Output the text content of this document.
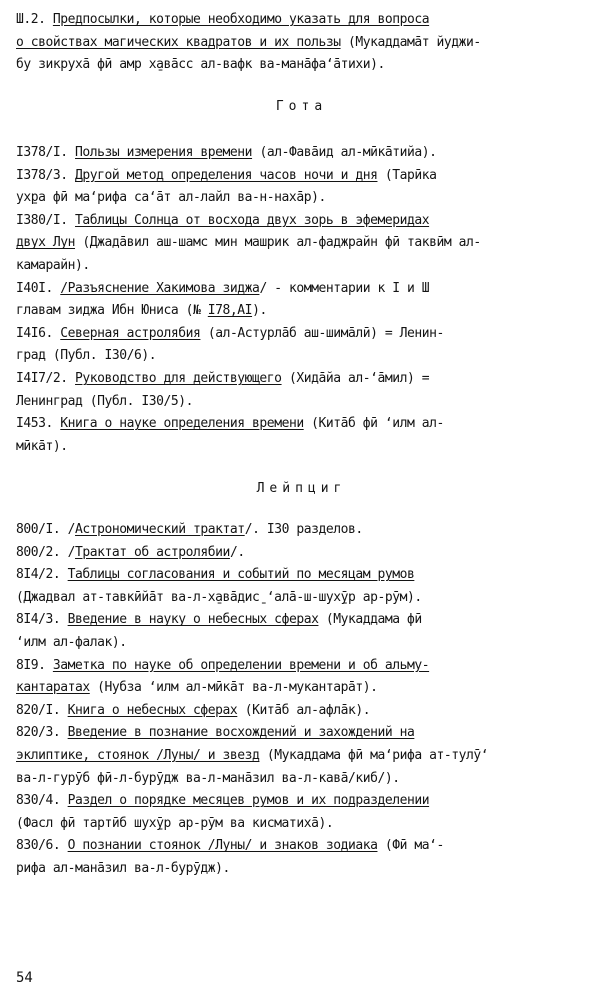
Гота
Лейпциг
54
Ш.2. Предпосылки, которые необходимо указать для вопроса
о свойствах магических квадратов и их пользы (Мукаддамāт йуджи-
бу зикруха̄ фӣ амр х̱авāсс ал-вафк ва-манāфа‘āтихи).
I378/I. Пользы измерения времени (ал-Фавāид ал-мӣкāтийа).
I378/3. Другой метод определения часов ночи и дня (Тарӣка
ух̱ра фӣ ма‘рифа са‘āт ал-лайл ва-н-нахāр).
I380/I. Таблицы Солнца от восхода двух зорь в эфемеридах
двух Лун (Джадāвил аш-шамс мин машрик ал-фаджрайн фӣ таквӣм ал-
камарайн).
I40I. /Разъяснение Хакимова зиджа/ - комментарии к I и Ш
главам зиджа Ибн Юниса (№ I78,AI).
I4I6. Северная астролябия (ал-Астурлāб аш-шимāлӣ) = Ленин-
град (Публ. I30/6).
I4I7/2. Руководство для действующего (Хидāйа ал-‘āмил) =
Ленинград (Публ. I30/5).
I453. Книга о науке определения времени (Китāб фӣ ‘илм ал-
мӣкāт).
800/I. /Астрономический трактат/. I30 разделов.
800/2. /Трактат об астролябии/.
8I4/2. Таблицы согласования и событий по месяцам румов
(Джадвал ат-тавкӣйāт ва-л-х̱авāдис̱ ‘алā-ш-шух̱ӯр ар-рӯм).
8I4/3. Введение в науку о небесных сферах (Мукаддама фӣ
‘илм ал-фалак).
8I9. Заметка по науке об определении времени и об альму-
кантаратах (Нубза ‘илм ал-мӣкāт ва-л-мукантарāт).
820/I. Книга о небесных сферах (Китāб ал-афлāк).
820/3. Введение в познание восхождений и захождений на
эклиптике, стоянок /Луны/ и звезд (Мукаддама фӣ ма‘рифа ат-тулӯ‘
ва-л-гурӯб фӣ-л-бурӯдж ва-л-манāзил ва-л-кавā/киб/).
830/4. Раздел о порядке месяцев румов и их подразделении
(Фасл фӣ тартӣб шух̱ӯр ар-рӯм ва кисматиха̄).
830/6. О познании стоянок /Луны/ и знаков зодиака (Фӣ ма‘-
рифа ал-манāзил ва-л-бурӯдж).
